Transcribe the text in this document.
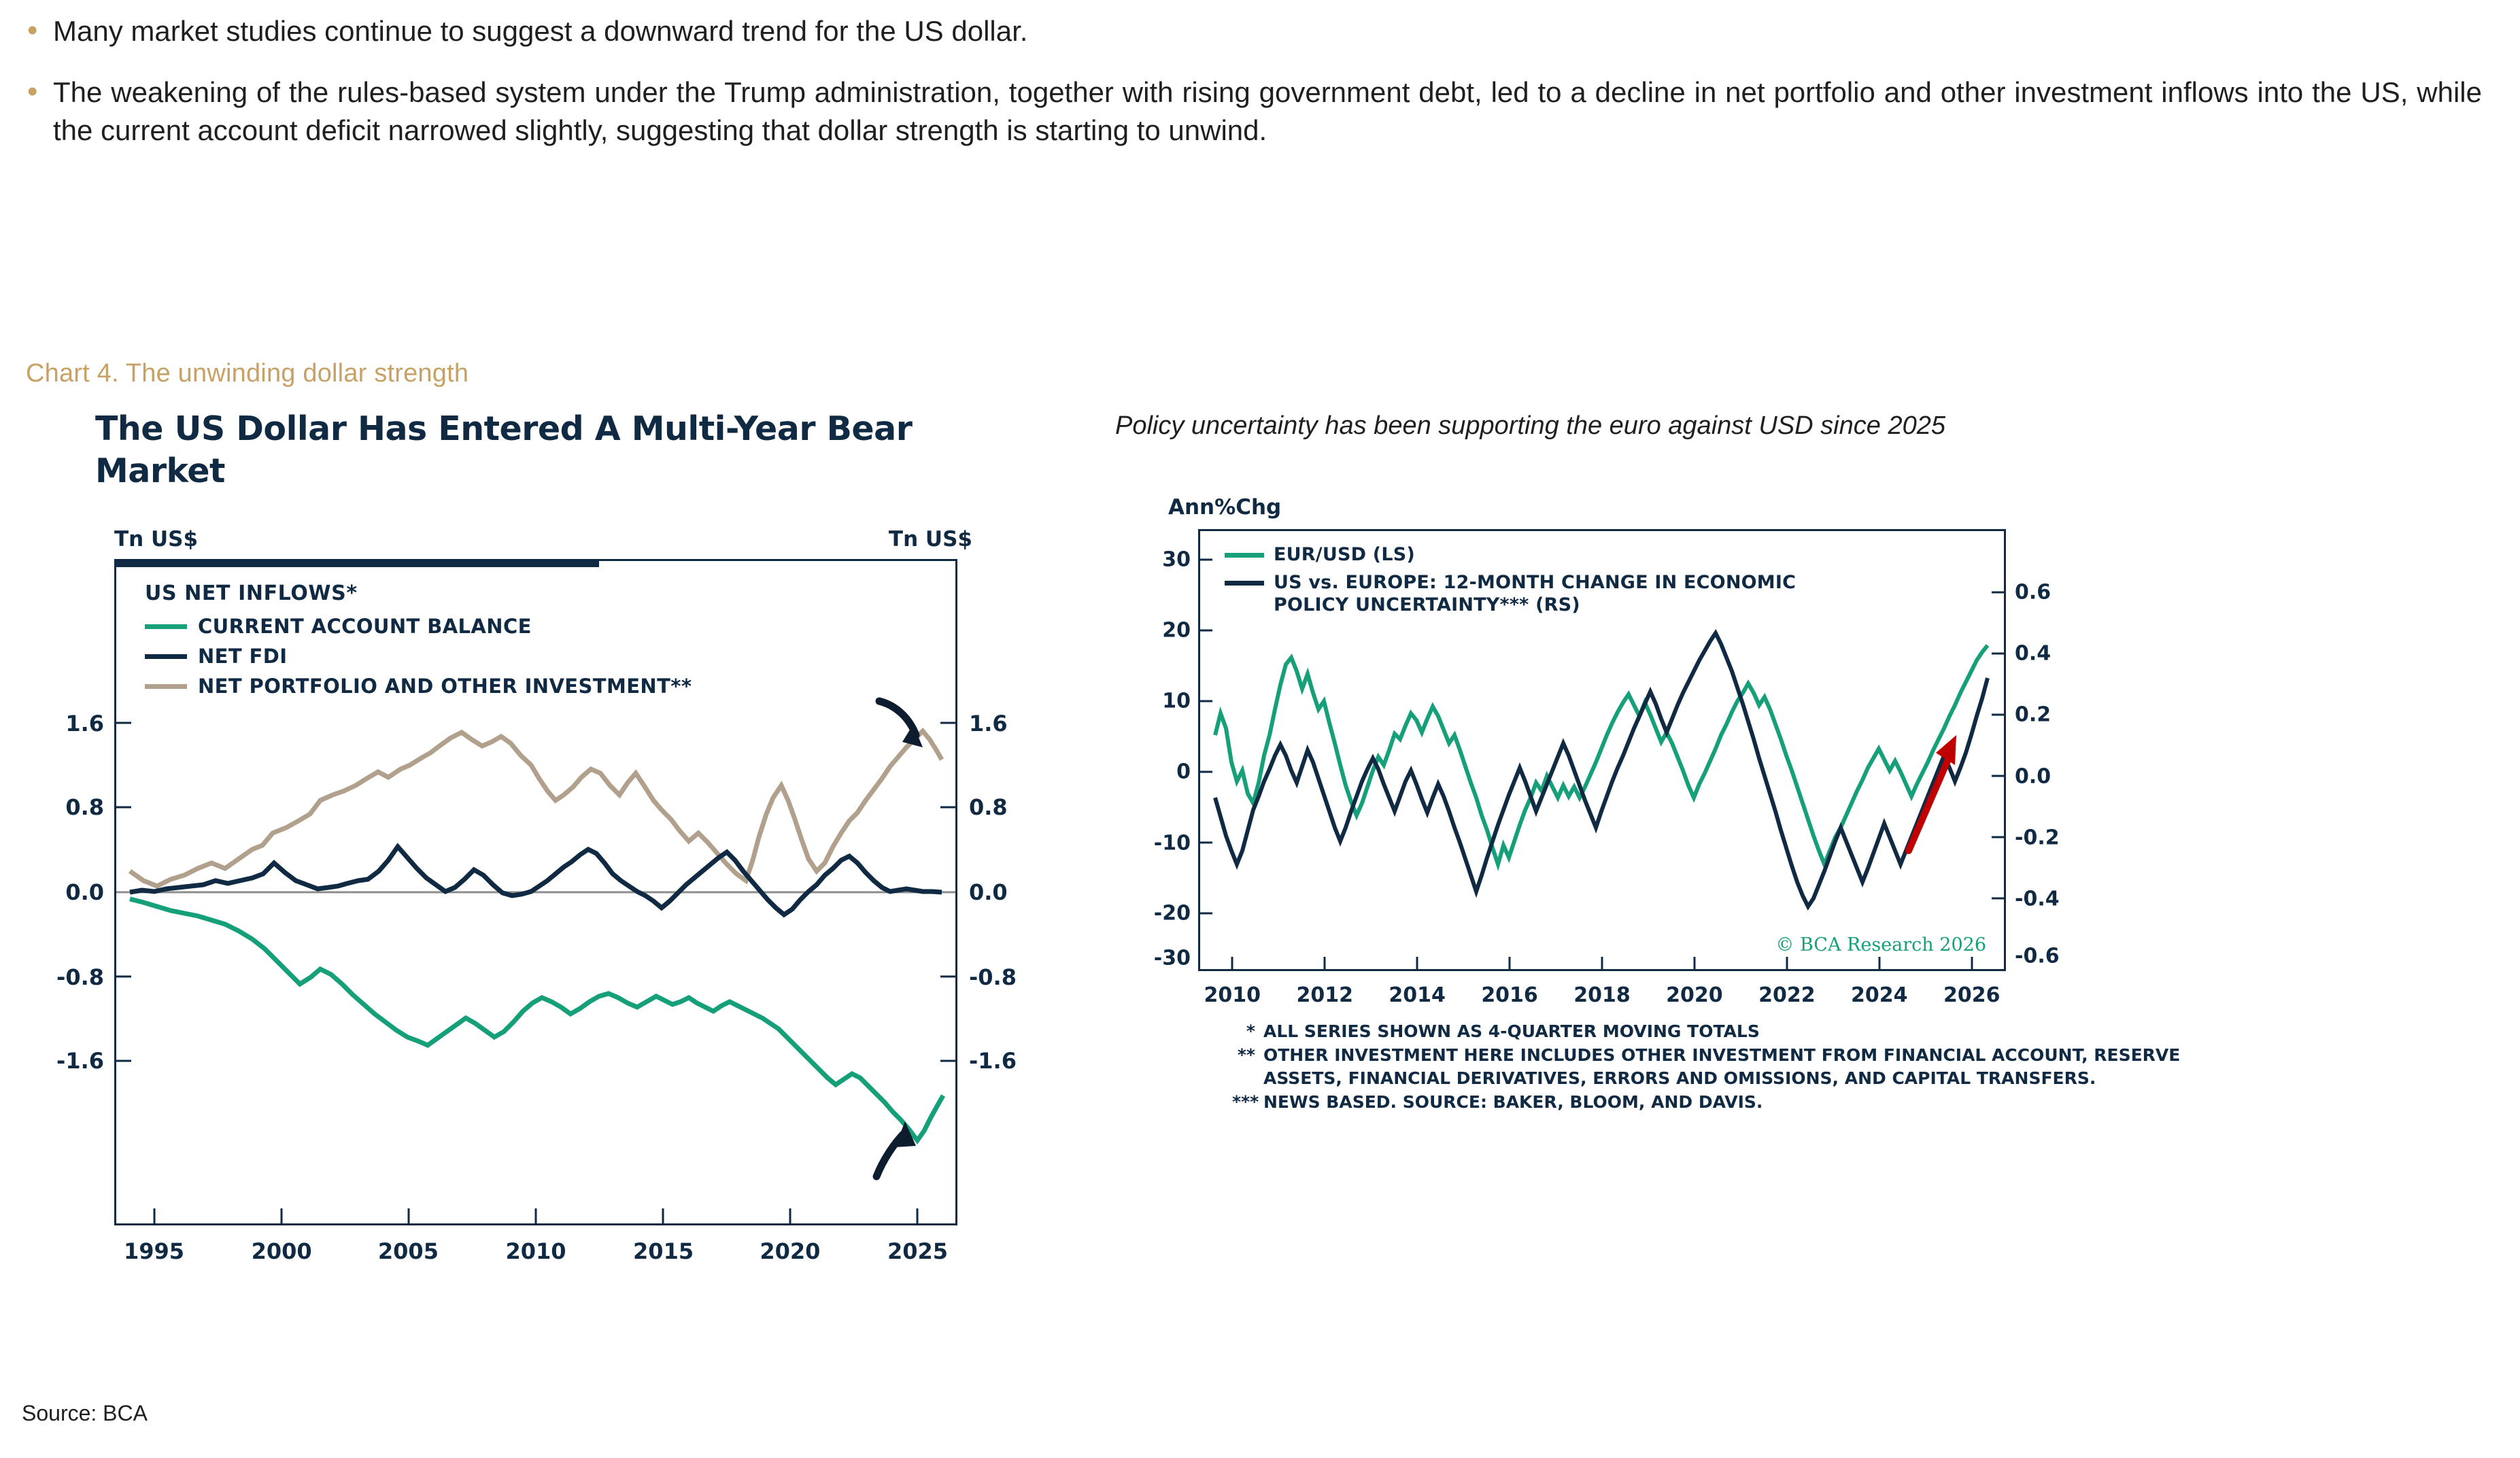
• Many market studies continue to suggest a downward trend for the US dollar.
• The weakening of the rules-based system under the Trump administration, together with rising government debt, led to a decline in net portfolio and other investment inflows into the US, while the current account deficit narrowed slightly, suggesting that dollar strength is starting to unwind.
Chart 4. The unwinding dollar strength
Source: BCA
The US Dollar Has Entered A Multi-Year Bear Market
Tn US$	Tn US$
US NET INFLOWS*
CURRENT ACCOUNT BALANCE
NET FDI
NET PORTFOLIO AND OTHER INVESTMENT**
1.6
0.8
0.0
-0.8
-1.6
1.6
0.8
0.0
-0.8
-1.6
1995	2000	2005	2010	2015	2020	2025
Policy uncertainty has been supporting the euro against USD since 2025
Ann%Chg
EUR/USD (LS)
US vs. EUROPE: 12-MONTH CHANGE IN ECONOMIC POLICY UNCERTAINTY*** (RS)
30
20
10
0
-10
-20
-30
0.6
0.4
0.2
0.0
-0.2
-0.4
-0.6
2010 2012 2014 2016 2018 2020 2022 2024 2026
© BCA Research 2026
* ALL SERIES SHOWN AS 4-QUARTER MOVING TOTALS
** OTHER INVESTMENT HERE INCLUDES OTHER INVESTMENT FROM FINANCIAL ACCOUNT, RESERVE ASSETS, FINANCIAL DERIVATIVES, ERRORS AND OMISSIONS, AND CAPITAL TRANSFERS.
*** NEWS BASED. SOURCE: BAKER, BLOOM, AND DAVIS.
